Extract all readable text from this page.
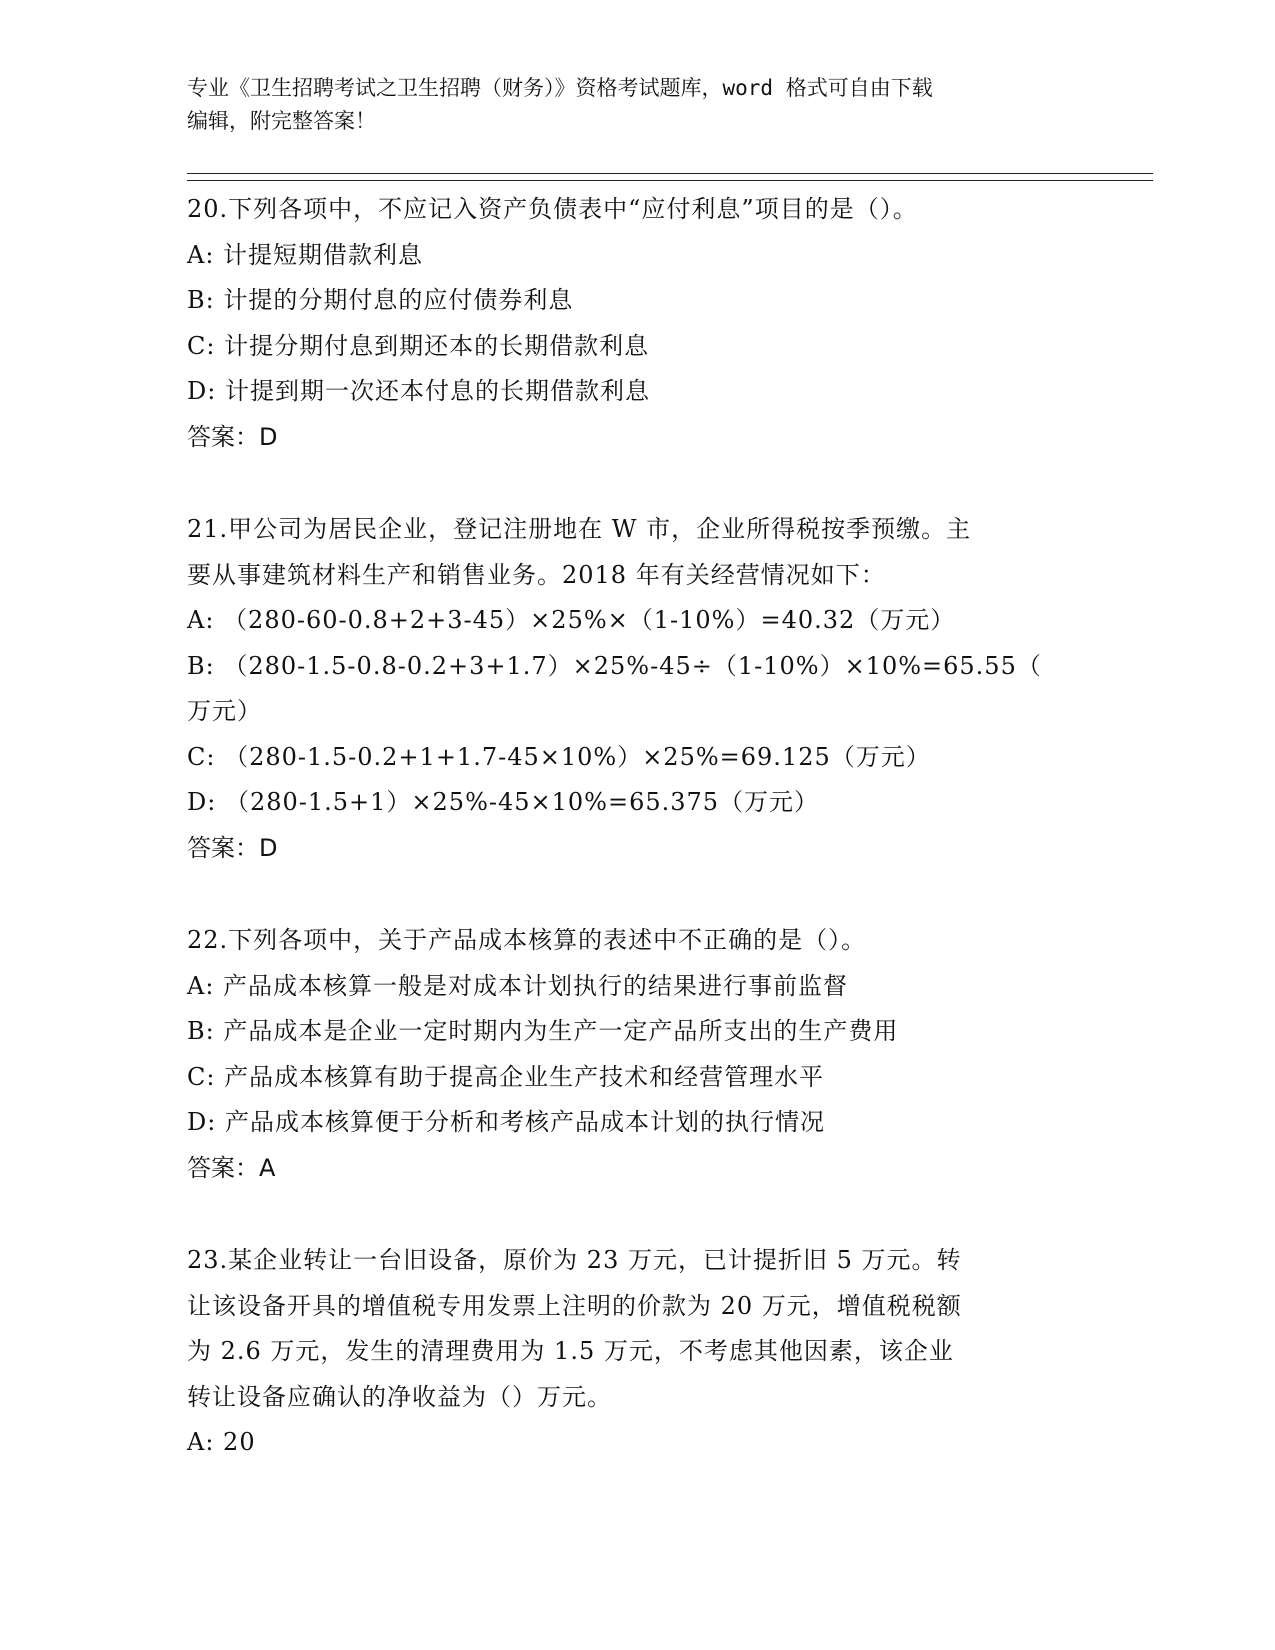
专业《卫生招聘考试之卫生招聘（财务）》资格考试题库，word 格式可自由下载
编辑，附完整答案！
20.下列各项中，不应记入资产负债表中“应付利息”项目的是（）。
A: 计提短期借款利息
B: 计提的分期付息的应付债券利息
C: 计提分期付息到期还本的长期借款利息
D: 计提到期一次还本付息的长期借款利息
答案：D
21.甲公司为居民企业，登记注册地在 W 市，企业所得税按季预缴。主
要从事建筑材料生产和销售业务。2018 年有关经营情况如下：
A: （280-60-0.8+2+3-45）×25%×（1-10%）=40.32（万元）
B: （280-1.5-0.8-0.2+3+1.7）×25%-45÷（1-10%）×10%=65.55（
万元）
C: （280-1.5-0.2+1+1.7-45×10%）×25%=69.125（万元）
D: （280-1.5+1）×25%-45×10%=65.375（万元）
答案：D
22.下列各项中，关于产品成本核算的表述中不正确的是（）。
A: 产品成本核算一般是对成本计划执行的结果进行事前监督
B: 产品成本是企业一定时期内为生产一定产品所支出的生产费用
C: 产品成本核算有助于提高企业生产技术和经营管理水平
D: 产品成本核算便于分析和考核产品成本计划的执行情况
答案：A
23.某企业转让一台旧设备，原价为 23 万元，已计提折旧 5 万元。转
让该设备开具的增值税专用发票上注明的价款为 20 万元，增值税税额
为 2.6 万元，发生的清理费用为 1.5 万元，不考虑其他因素，该企业
转让设备应确认的净收益为（）万元。
A: 20
